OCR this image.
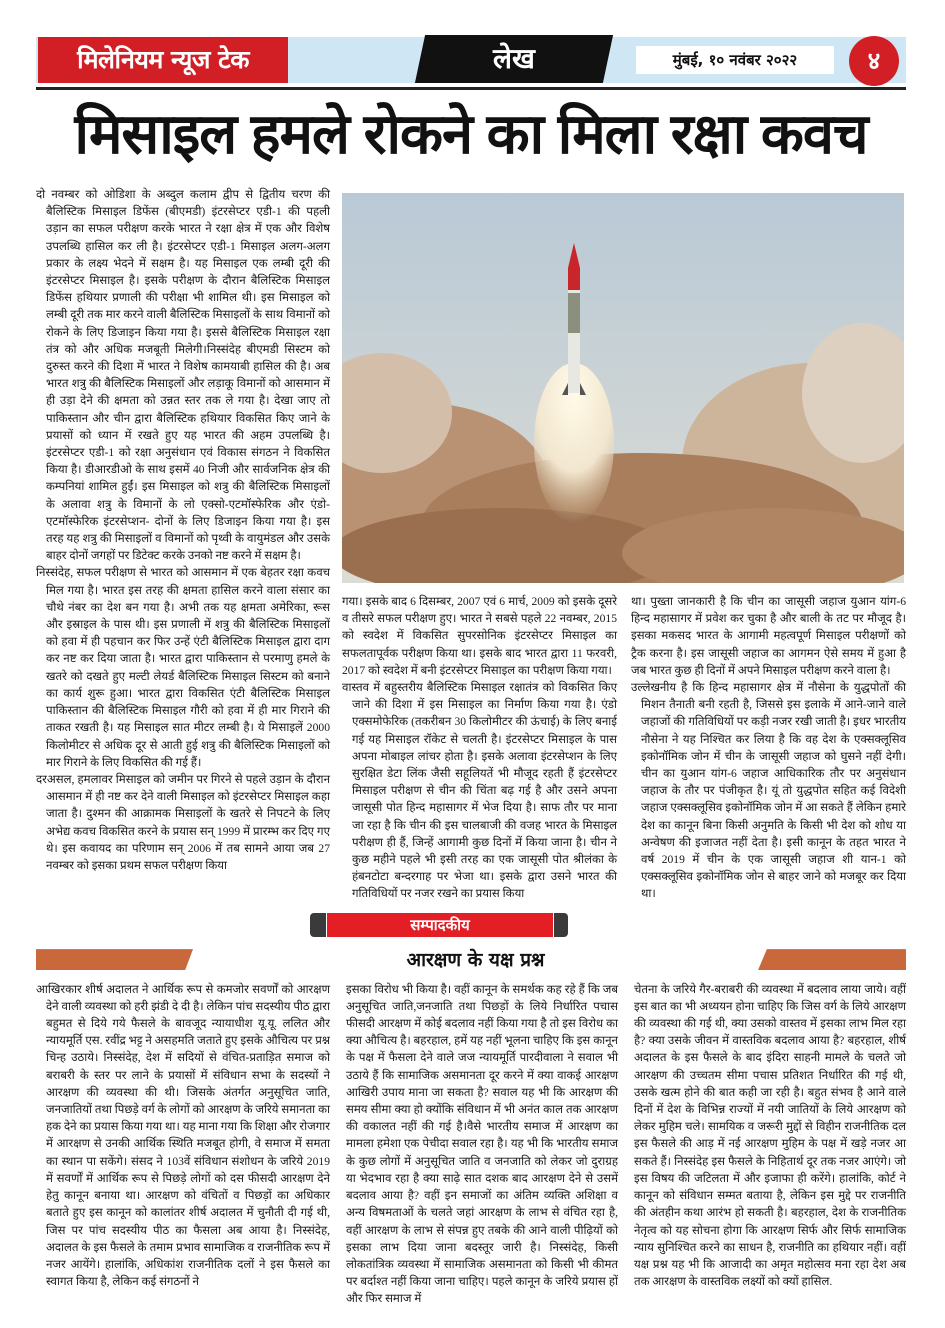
मिलेनियम न्यूज टेक	लेख	मुंबई, १० नवंबर २०२२	४
मिसाइल हमले रोकने का मिला रक्षा कवच

दो नवम्बर को ओडिशा के अब्दुल कलाम द्वीप से द्वितीय चरण की बैलिस्टिक मिसाइल डिफेंस (बीएमडी) इंटरसेप्टर एडी-1 की पहली उड़ान का सफल परीक्षण करके भारत ने रक्षा क्षेत्र में एक और विशेष उपलब्धि हासिल कर ली है। इंटरसेप्टर एडी-1 मिसाइल अलग-अलग प्रकार के लक्ष्य भेदने में सक्षम है। यह मिसाइल एक लम्बी दूरी की इंटरसेप्टर मिसाइल है। इसके परीक्षण के दौरान बैलिस्टिक मिसाइल डिफेंस हथियार प्रणाली की परीक्षा भी शामिल थी। इस मिसाइल को लम्बी दूरी तक मार करने वाली बैलिस्टिक मिसाइलों के साथ विमानों को रोकने के लिए डिजाइन किया गया है। इससे बैलिस्टिक मिसाइल रक्षा तंत्र को और अधिक मजबूती मिलेगी।निस्संदेह बीएमडी सिस्टम को दुरुस्त करने की दिशा में भारत ने विशेष कामयाबी हासिल की है। अब भारत शत्रु की बैलिस्टिक मिसाइलों और लड़ाकू विमानों को आसमान में ही उड़ा देने की क्षमता को उन्नत स्तर तक ले गया है। देखा जाए तो पाकिस्तान और चीन द्वारा बैलिस्टिक हथियार विकसित किए जाने के प्रयासों को ध्यान में रखते हुए यह भारत की अहम उपलब्धि है। इंटरसेप्टर एडी-1 को रक्षा अनुसंधान एवं विकास संगठन ने विकसित किया है। डीआरडीओ के साथ इसमें 40 निजी और सार्वजनिक क्षेत्र की कम्पनियां शामिल हुईं। इस मिसाइल को शत्रु की बैलिस्टिक मिसाइलों के अलावा शत्रु के विमानों के लो एक्सो-एटमॉस्फेरिक और एंडो-एटमॉस्फेरिक इंटरसेप्शन- दोनों के लिए डिजाइन किया गया है। इस तरह यह शत्रु की मिसाइलों व विमानों को पृथ्वी के वायुमंडल और उसके बाहर दोनों जगहों पर डिटेक्ट करके उनको नष्ट करने में सक्षम है।

निस्संदेह, सफल परीक्षण से भारत को आसमान में एक बेहतर रक्षा कवच मिल गया है। भारत इस तरह की क्षमता हासिल करने वाला संसार का चौथे नंबर का देश बन गया है। अभी तक यह क्षमता अमेरिका, रूस और इस्राइल के पास थी। इस प्रणाली में शत्रु की बैलिस्टिक मिसाइलों को हवा में ही पहचान कर फिर उन्हें एंटी बैलिस्टिक मिसाइल द्वारा दाग कर नष्ट कर दिया जाता है। भारत द्वारा पाकिस्तान से परमाणु हमले के खतरे को दखते हुए मल्टी लेयर्ड बैलिस्टिक मिसाइल सिस्टम को बनाने का कार्य शुरू हुआ। भारत द्वारा विकसित एंटी बैलिस्टिक मिसाइल पाकिस्तान की बैलिस्टिक मिसाइल गौरी को हवा में ही मार गिराने की ताकत रखती है। यह मिसाइल सात मीटर लम्बी है। ये मिसाइलें 2000 किलोमीटर से अधिक दूर से आती हुई शत्रु की बैलिस्टिक मिसाइलों को मार गिराने के लिए विकसित की गई हैं।

दरअसल, हमलावर मिसाइल को जमीन पर गिरने से पहले उड़ान के दौरान आसमान में ही नष्ट कर देने वाली मिसाइल को इंटरसेप्टर मिसाइल कहा जाता है। दुश्मन की आक्रामक मिसाइलों के खतरे से निपटने के लिए अभेद्य कवच विकसित करने के प्रयास सन् 1999 में प्रारम्भ कर दिए गए थे। इस कवायद का परिणाम सन् 2006 में तब सामने आया जब 27 नवम्बर को इसका प्रथम सफल परीक्षण किया

गया। इसके बाद 6 दिसम्बर, 2007 एवं 6 मार्च, 2009 को इसके दूसरे व तीसरे सफल परीक्षण हुए। भारत ने सबसे पहले 22 नवम्बर, 2015 को स्वदेश में विकसित सुपरसोनिक इंटरसेप्टर मिसाइल का सफलतापूर्वक परीक्षण किया था। इसके बाद भारत द्वारा 11 फरवरी, 2017 को स्वदेश में बनी इंटरसेप्टर मिसाइल का परीक्षण किया गया।

वास्तव में बहुस्तरीय बैलिस्टिक मिसाइल रक्षातंत्र को विकसित किए जाने की दिशा में इस मिसाइल का निर्माण किया गया है। एंडो एक्समोफेरिक (तकरीबन 30 किलोमीटर की ऊंचाई) के लिए बनाई गई यह मिसाइल रॉकेट से चलती है। इंटरसेप्टर मिसाइल के पास अपना मोबाइल लांचर होता है। इसके अलावा इंटरसेप्शन के लिए सुरक्षित डेटा लिंक जैसी सहूलियतें भी मौजूद रहती हैं इंटरसेप्टर मिसाइल परीक्षण से चीन की चिंता बढ़ गई है और उसने अपना जासूसी पोत हिन्द महासागर में भेज दिया है। साफ तौर पर माना जा रहा है कि चीन की इस चालबाजी की वजह भारत के मिसाइल परीक्षण ही हैं, जिन्हें आगामी कुछ दिनों में किया जाना है। चीन ने कुछ महीने पहले भी इसी तरह का एक जासूसी पोत श्रीलंका के हंबनटोटा बन्दरगाह पर भेजा था। इसके द्वारा उसने भारत की गतिविधियों पर नजर रखने का प्रयास किया

था। पुख्ता जानकारी है कि चीन का जासूसी जहाज युआन यांग-6 हिन्द महासागर में प्रवेश कर चुका है और बाली के तट पर मौजूद है। इसका मकसद भारत के आगामी महत्वपूर्ण मिसाइल परीक्षणों को ट्रैक करना है। इस जासूसी जहाज का आगमन ऐसे समय में हुआ है जब भारत कुछ ही दिनों में अपने मिसाइल परीक्षण करने वाला है।

उल्लेखनीय है कि हिन्द महासागर क्षेत्र में नौसेना के युद्धपोतों की मिशन तैनाती बनी रहती है, जिससे इस इलाके में आने-जाने वाले जहाजों की गतिविधियों पर कड़ी नजर रखी जाती है। इधर भारतीय नौसेना ने यह निश्चित कर लिया है कि वह देश के एक्सक्लूसिव इकोनॉमिक जोन में चीन के जासूसी जहाज को घुसने नहीं देगी। चीन का युआन यांग-6 जहाज आधिकारिक तौर पर अनुसंधान जहाज के तौर पर पंजीकृत है। यूं तो युद्धपोत सहित कई विदेशी जहाज एक्सक्लूसिव इकोनॉमिक जोन में आ सकते हैं लेकिन हमारे देश का कानून बिना किसी अनुमति के किसी भी देश को शोध या अन्वेषण की इजाजत नहीं देता है। इसी कानून के तहत भारत ने वर्ष 2019 में चीन के एक जासूसी जहाज शी यान-1 को एक्सक्लूसिव इकोनॉमिक जोन से बाहर जाने को मजबूर कर दिया था।

सम्पादकीय
आरक्षण के यक्ष प्रश्न

आखिरकार शीर्ष अदालत ने आर्थिक रूप से कमजोर सवर्णों को आरक्षण देने वाली व्यवस्था को हरी झंडी दे दी है। लेकिन पांच सदस्यीय पीठ द्वारा बहुमत से दिये गये फैसले के बावजूद न्यायाधीश यू.यू. ललित और न्यायमूर्ति एस. रवींद्र भट्ट ने असहमति जताते हुए इसके औचित्य पर प्रश्न चिन्ह उठाये। निस्संदेह, देश में सदियों से वंचित-प्रताड़ित समाज को बराबरी के स्तर पर लाने के प्रयासों में संविधान सभा के सदस्यों ने आरक्षण की व्यवस्था की थी। जिसके अंतर्गत अनुसूचित जाति, जनजातियों तथा पिछड़े वर्ग के लोगों को आरक्षण के जरिये समानता का हक देने का प्रयास किया गया था। यह माना गया कि शिक्षा और रोजगार में आरक्षण से उनकी आर्थिक स्थिति मजबूत होगी, वे समाज में समता का स्थान पा सकेंगे। संसद ने 103वें संविधान संशोधन के जरिये 2019 में सवर्णों में आर्थिक रूप से पिछड़े लोगों को दस फीसदी आरक्षण देने हेतु कानून बनाया था। आरक्षण को वंचितों व पिछड़ों का अधिकार बताते हुए इस कानून को कालांतर शीर्ष अदालत में चुनौती दी गई थी, जिस पर पांच सदस्यीय पीठ का फैसला अब आया है। निस्संदेह, अदालत के इस फैसले के तमाम प्रभाव सामाजिक व राजनीतिक रूप में नजर आयेंगे। हालांकि, अधिकांश राजनीतिक दलों ने इस फैसले का स्वागत किया है, लेकिन कई संगठनों ने

इसका विरोध भी किया है। वहीं कानून के समर्थक कह रहे हैं कि जब अनुसूचित जाति,जनजाति तथा पिछड़ों के लिये निर्धारित पचास फीसदी आरक्षण में कोई बदलाव नहीं किया गया है तो इस विरोध का क्या औचित्य है। बहरहाल, हमें यह नहीं भूलना चाहिए कि इस कानून के पक्ष में फैसला देने वाले जज न्यायमूर्ति पारदीवाला ने सवाल भी उठाये हैं कि सामाजिक असमानता दूर करने में क्या वाकई आरक्षण आखिरी उपाय माना जा सकता है? सवाल यह भी कि आरक्षण की समय सीमा क्या हो क्योंकि संविधान में भी अनंत काल तक आरक्षण की वकालत नहीं की गई है।वैसे भारतीय समाज में आरक्षण का मामला हमेशा एक पेचीदा सवाल रहा है। यह भी कि भारतीय समाज के कुछ लोगों में अनुसूचित जाति व जनजाति को लेकर जो दुराग्रह या भेदभाव रहा है क्या साढ़े सात दशक बाद आरक्षण देने से उसमें बदलाव आया है? वहीं इन समाजों का अंतिम व्यक्ति अशिक्षा व अन्य विषमताओं के चलते जहां आरक्षण के लाभ से वंचित रहा है, वहीं आरक्षण के लाभ से संपन्न हुए तबके की आने वाली पीढ़ियों को इसका लाभ दिया जाना बदस्तूर जारी है। निस्संदेह, किसी लोकतांत्रिक व्यवस्था में सामाजिक असमानता को किसी भी कीमत पर बर्दाश्त नहीं किया जाना चाहिए। पहले कानून के जरिये प्रयास हों और फिर समाज में

चेतना के जरिये गैर-बराबरी की व्यवस्था में बदलाव लाया जाये। वहीं इस बात का भी अध्ययन होना चाहिए कि जिस वर्ग के लिये आरक्षण की व्यवस्था की गई थी, क्या उसको वास्तव में इसका लाभ मिल रहा है? क्या उसके जीवन में वास्तविक बदलाव आया है? बहरहाल, शीर्ष अदालत के इस फैसले के बाद इंदिरा साहनी मामले के चलते जो आरक्षण की उच्चतम सीमा पचास प्रतिशत निर्धारित की गई थी, उसके खत्म होने की बात कही जा रही है। बहुत संभव है आने वाले दिनों में देश के विभिन्न राज्यों में नयी जातियों के लिये आरक्षण को लेकर मुहिम चले। सामयिक व जरूरी मुद्दों से विहीन राजनीतिक दल इस फैसले की आड़ में नई आरक्षण मुहिम के पक्ष में खड़े नजर आ सकते हैं। निस्संदेह इस फैसले के निहितार्थ दूर तक नजर आएंगे। जो इस विषय की जटिलता में और इजाफा ही करेंगे। हालांकि, कोर्ट ने कानून को संविधान सम्मत बताया है, लेकिन इस मुद्दे पर राजनीति की अंतहीन कथा आरंभ हो सकती है। बहरहाल, देश के राजनीतिक नेतृत्व को यह सोचना होगा कि आरक्षण सिर्फ और सिर्फ सामाजिक न्याय सुनिश्चित करने का साधन है, राजनीति का हथियार नहीं। वहीं यक्ष प्रश्न यह भी कि आजादी का अमृत महोत्सव मना रहा देश अब तक आरक्षण के वास्तविक लक्ष्यों को क्यों हासिल.
